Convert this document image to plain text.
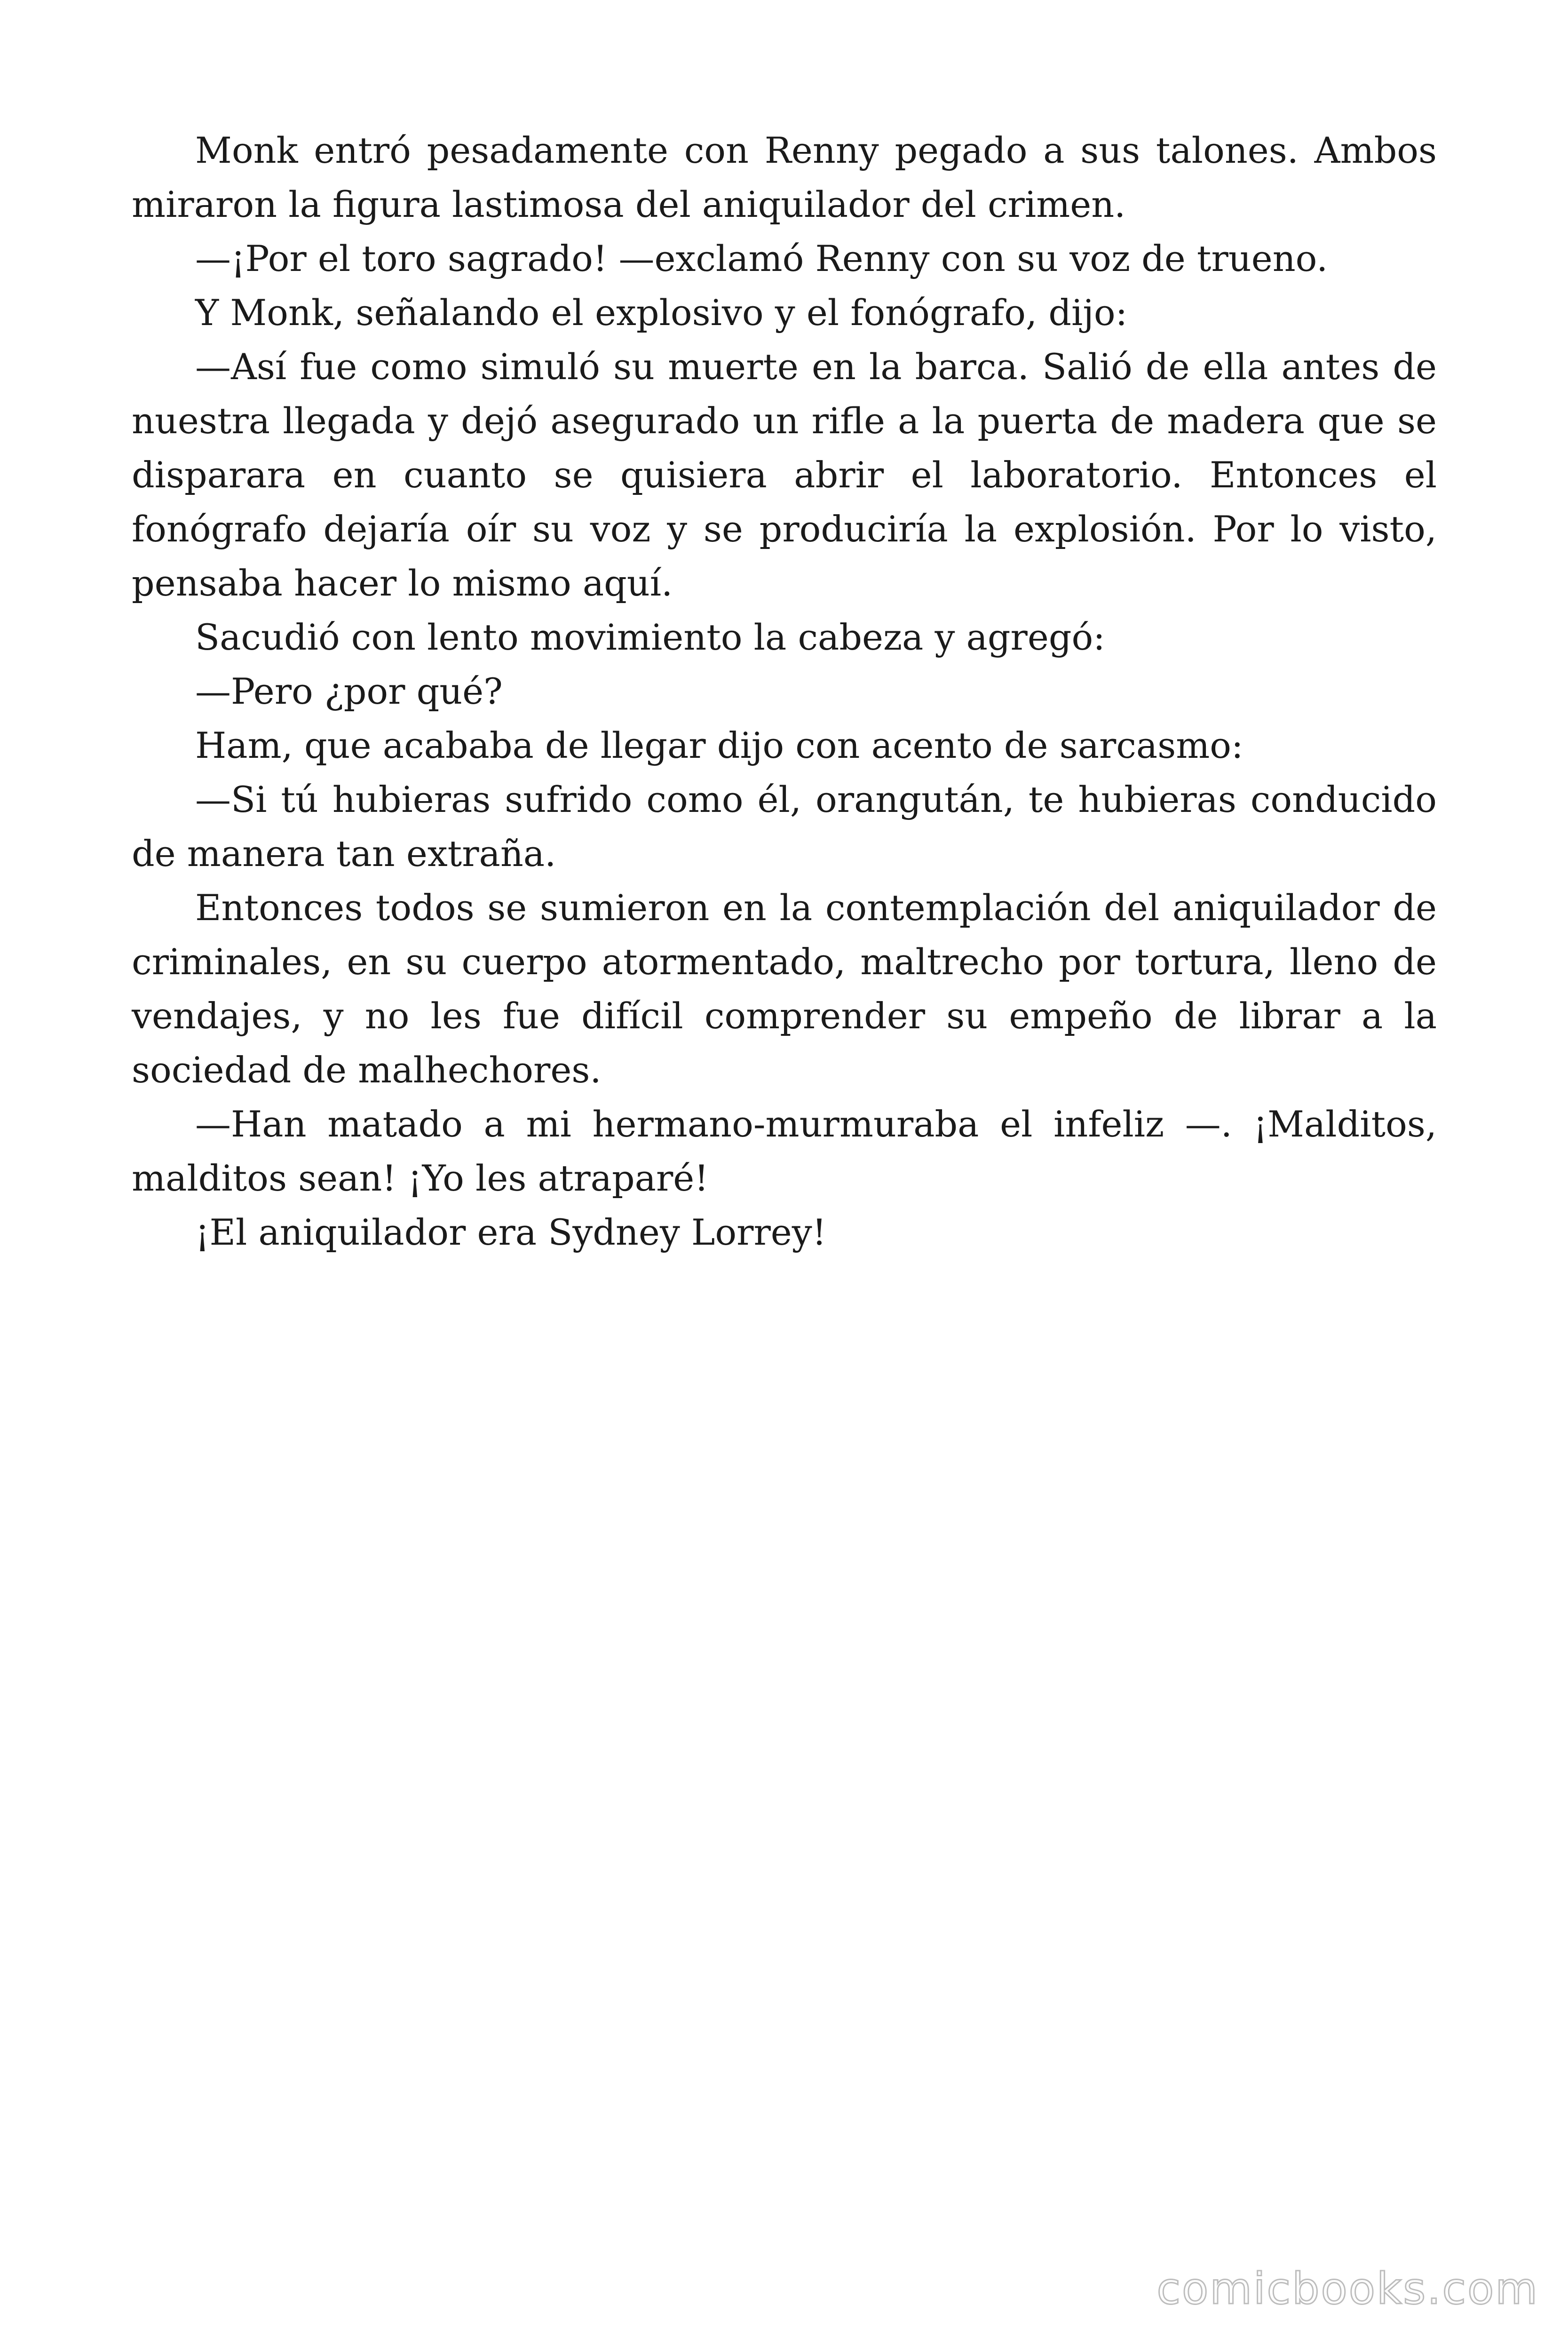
Monk entró pesadamente con Renny pegado a sus talones. Ambos miraron la figura lastimosa del aniquilador del crimen.

—¡Por el toro sagrado! —exclamó Renny con su voz de trueno.

Y Monk, señalando el explosivo y el fonógrafo, dijo:

—Así fue como simuló su muerte en la barca. Salió de ella antes de nuestra llegada y dejó asegurado un rifle a la puerta de madera que se disparara en cuanto se quisiera abrir el laboratorio. Entonces el fonógrafo dejaría oír su voz y se produciría la explosión. Por lo visto, pensaba hacer lo mismo aquí.

Sacudió con lento movimiento la cabeza y agregó:

—Pero ¿por qué?

Ham, que acababa de llegar dijo con acento de sarcasmo:

—Si tú hubieras sufrido como él, orangután, te hubieras conducido de manera tan extraña.

Entonces todos se sumieron en la contemplación del aniquilador de criminales, en su cuerpo atormentado, maltrecho por tortura, lleno de vendajes, y no les fue difícil comprender su empeño de librar a la sociedad de malhechores.

—Han matado a mi hermano-murmuraba el infeliz —. ¡Malditos, malditos sean! ¡Yo les atraparé!

¡El aniquilador era Sydney Lorrey!

comicbooks.com
